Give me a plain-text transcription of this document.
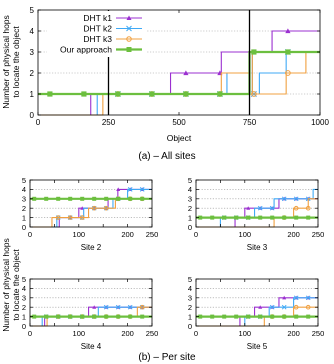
Number of physical hops to locate the object
0
1
2
3
4
5
0	250	500	750	1000
Object
DHT k1
DHT k2
DHT k3
Our approach
(a) – All sites
Number of physical hops to locate the object
0
1
2
3
4
5
0	100	200 250
Site 2
0
1
2
3
4
5
0	100	200 250
Site 3
0
1
2
3
4
5
0	100	200 250
Site 4
0
1
2
3
4
5
0	100	200 250
Site 5
(b) – Per site
